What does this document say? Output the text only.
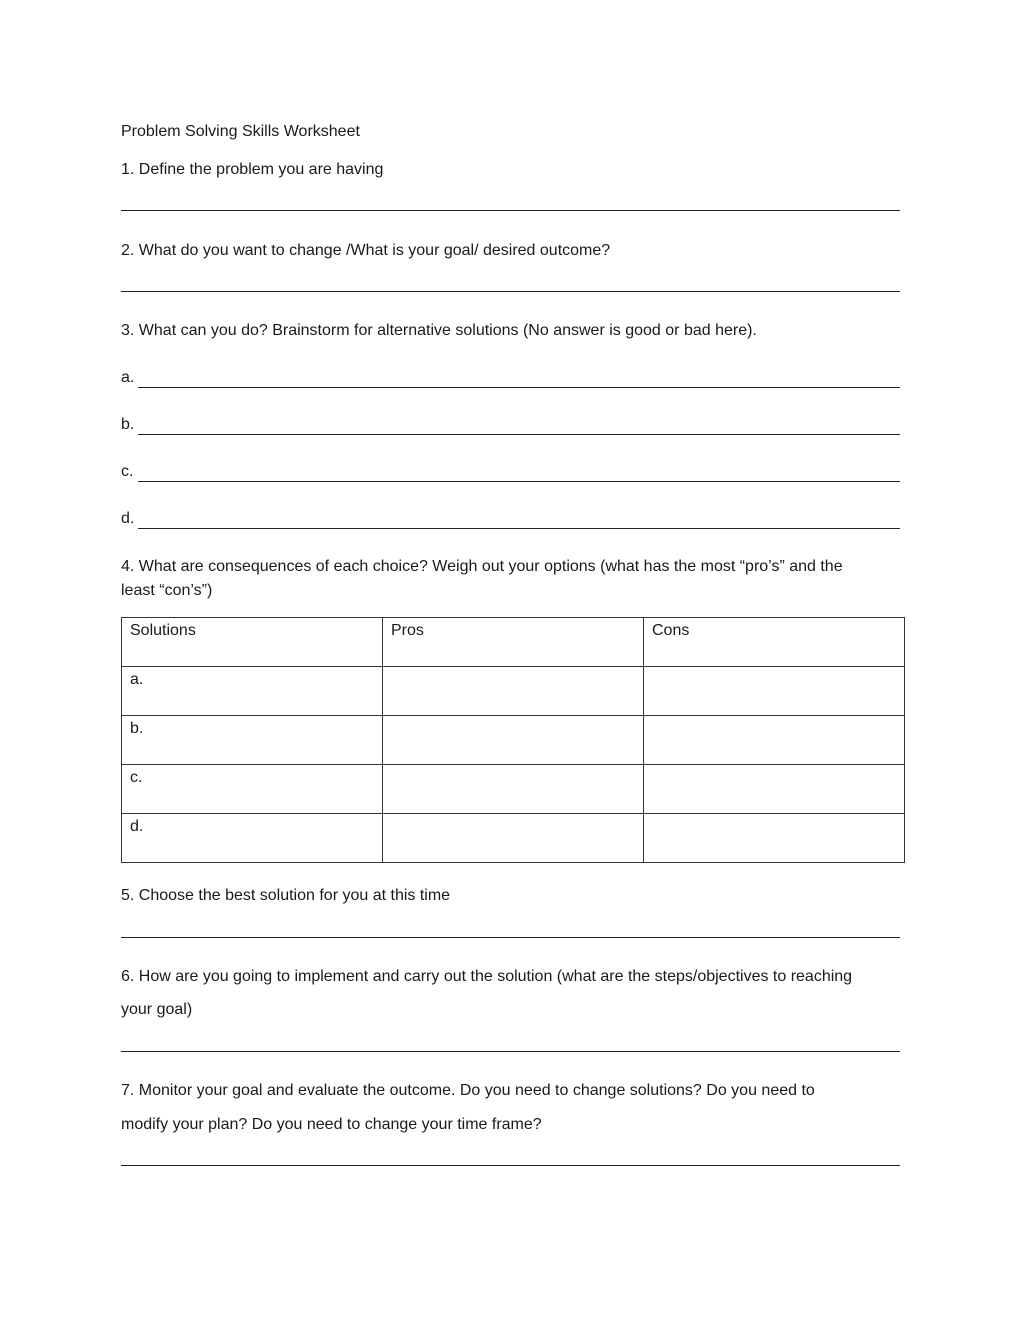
Problem Solving Skills Worksheet
1. Define the problem you are having
2. What do you want to change /What is your goal/ desired outcome?
3. What can you do? Brainstorm for alternative solutions (No answer is good or bad here).
a.
b.
c.
d.
4. What are consequences of each choice? Weigh out your options (what has the most “pro’s” and the
least “con’s”)
Solutions	Pros	Cons
a.		
b.		
c.		
d.		
5. Choose the best solution for you at this time
6. How are you going to implement and carry out the solution (what are the steps/objectives to reaching
your goal)
7. Monitor your goal and evaluate the outcome. Do you need to change solutions? Do you need to
modify your plan? Do you need to change your time frame?
